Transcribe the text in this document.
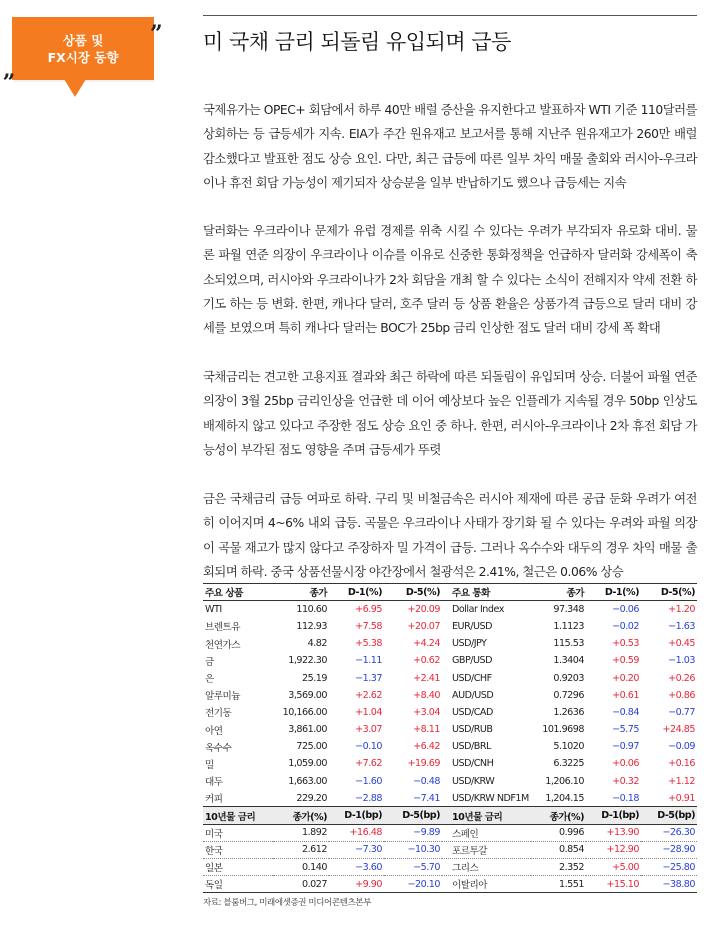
상품 및
FX시장 동향
”
„
미 국채 금리 되돌림 유입되며 급등

국제유가는 OPEC+ 회담에서 하루 40만 배럴 증산을 유지한다고 발표하자 WTI 기준 110달러를 상회하는 등 급등세가 지속. EIA가 주간 원유재고 보고서를 통해 지난주 원유재고가 260만 배럴 감소했다고 발표한 점도 상승 요인. 다만, 최근 급등에 따른 일부 차익 매물 출회와 러시아-우크라이나 휴전 회담 가능성이 제기되자 상승분을 일부 반납하기도 했으나 급등세는 지속

달러화는 우크라이나 문제가 유럽 경제를 위축 시킬 수 있다는 우려가 부각되자 유로화 대비. 물론 파월 연준 의장이 우크라이나 이슈를 이유로 신중한 통화정책을 언급하자 달러화 강세폭이 축소되었으며, 러시아와 우크라이나가 2차 회담을 개최 할 수 있다는 소식이 전해지자 약세 전환 하기도 하는 등 변화. 한편, 캐나다 달러, 호주 달러 등 상품 환율은 상품가격 급등으로 달러 대비 강세를 보였으며 특히 캐나다 달러는 BOC가 25bp 금리 인상한 점도 달러 대비 강세 폭 확대

국채금리는 견고한 고용지표 결과와 최근 하락에 따른 되돌림이 유입되며 상승. 더불어 파월 연준 의장이 3월 25bp 금리인상을 언급한 데 이어 예상보다 높은 인플레가 지속될 경우 50bp 인상도 배제하지 않고 있다고 주장한 점도 상승 요인 중 하나. 한편, 러시아-우크라이나 2차 휴전 회담 가능성이 부각된 점도 영향을 주며 급등세가 뚜렷

금은 국채금리 급등 여파로 하락. 구리 및 비철금속은 러시아 제재에 따른 공급 둔화 우려가 여전히 이어지며 4~6% 내외 급등. 곡물은 우크라이나 사태가 장기화 될 수 있다는 우려와 파월 의장이 곡물 재고가 많지 않다고 주장하자 밀 가격이 급등. 그러나 옥수수와 대두의 경우 차익 매물 출회되며 하락. 중국 상품선물시장 야간장에서 철광석은 2.41%, 철근은 0.06% 상승

주요 상품	종가	D-1(%)	D-5(%)	주요 통화	종가	D-1(%)	D-5(%)
WTI	110.60	+6.95	+20.09	Dollar Index	97.348	−0.06	+1.20
브렌트유	112.93	+7.58	+20.07	EUR/USD	1.1123	−0.02	−1.63
천연가스	4.82	+5.38	+4.24	USD/JPY	115.53	+0.53	+0.45
금	1,922.30	−1.11	+0.62	GBP/USD	1.3404	+0.59	−1.03
은	25.19	−1.37	+2.41	USD/CHF	0.9203	+0.20	+0.26
알루미늄	3,569.00	+2.62	+8.40	AUD/USD	0.7296	+0.61	+0.86
전기동	10,166.00	+1.04	+3.04	USD/CAD	1.2636	−0.84	−0.77
아연	3,861.00	+3.07	+8.11	USD/RUB	101.9698	−5.75	+24.85
옥수수	725.00	−0.10	+6.42	USD/BRL	5.1020	−0.97	−0.09
밀	1,059.00	+7.62	+19.69	USD/CNH	6.3225	+0.06	+0.16
대두	1,663.00	−1.60	−0.48	USD/KRW	1,206.10	+0.32	+1.12
커피	229.20	−2.88	−7.41	USD/KRW NDF1M	1,204.15	−0.18	+0.91
10년물 금리	종가(%)	D-1(bp)	D-5(bp)	10년물 금리	종가(%)	D-1(bp)	D-5(bp)
미국	1.892	+16.48	−9.89	스페인	0.996	+13.90	−26.30
한국	2.612	−7.30	−10.30	포르투갈	0.854	+12.90	−28.90
일본	0.140	−3.60	−5.70	그리스	2.352	+5.00	−25.80
독일	0.027	+9.90	−20.10	이탈리아	1.551	+15.10	−38.80
자료: 블룸버그, 미래에셋증권 미디어콘텐츠본부
